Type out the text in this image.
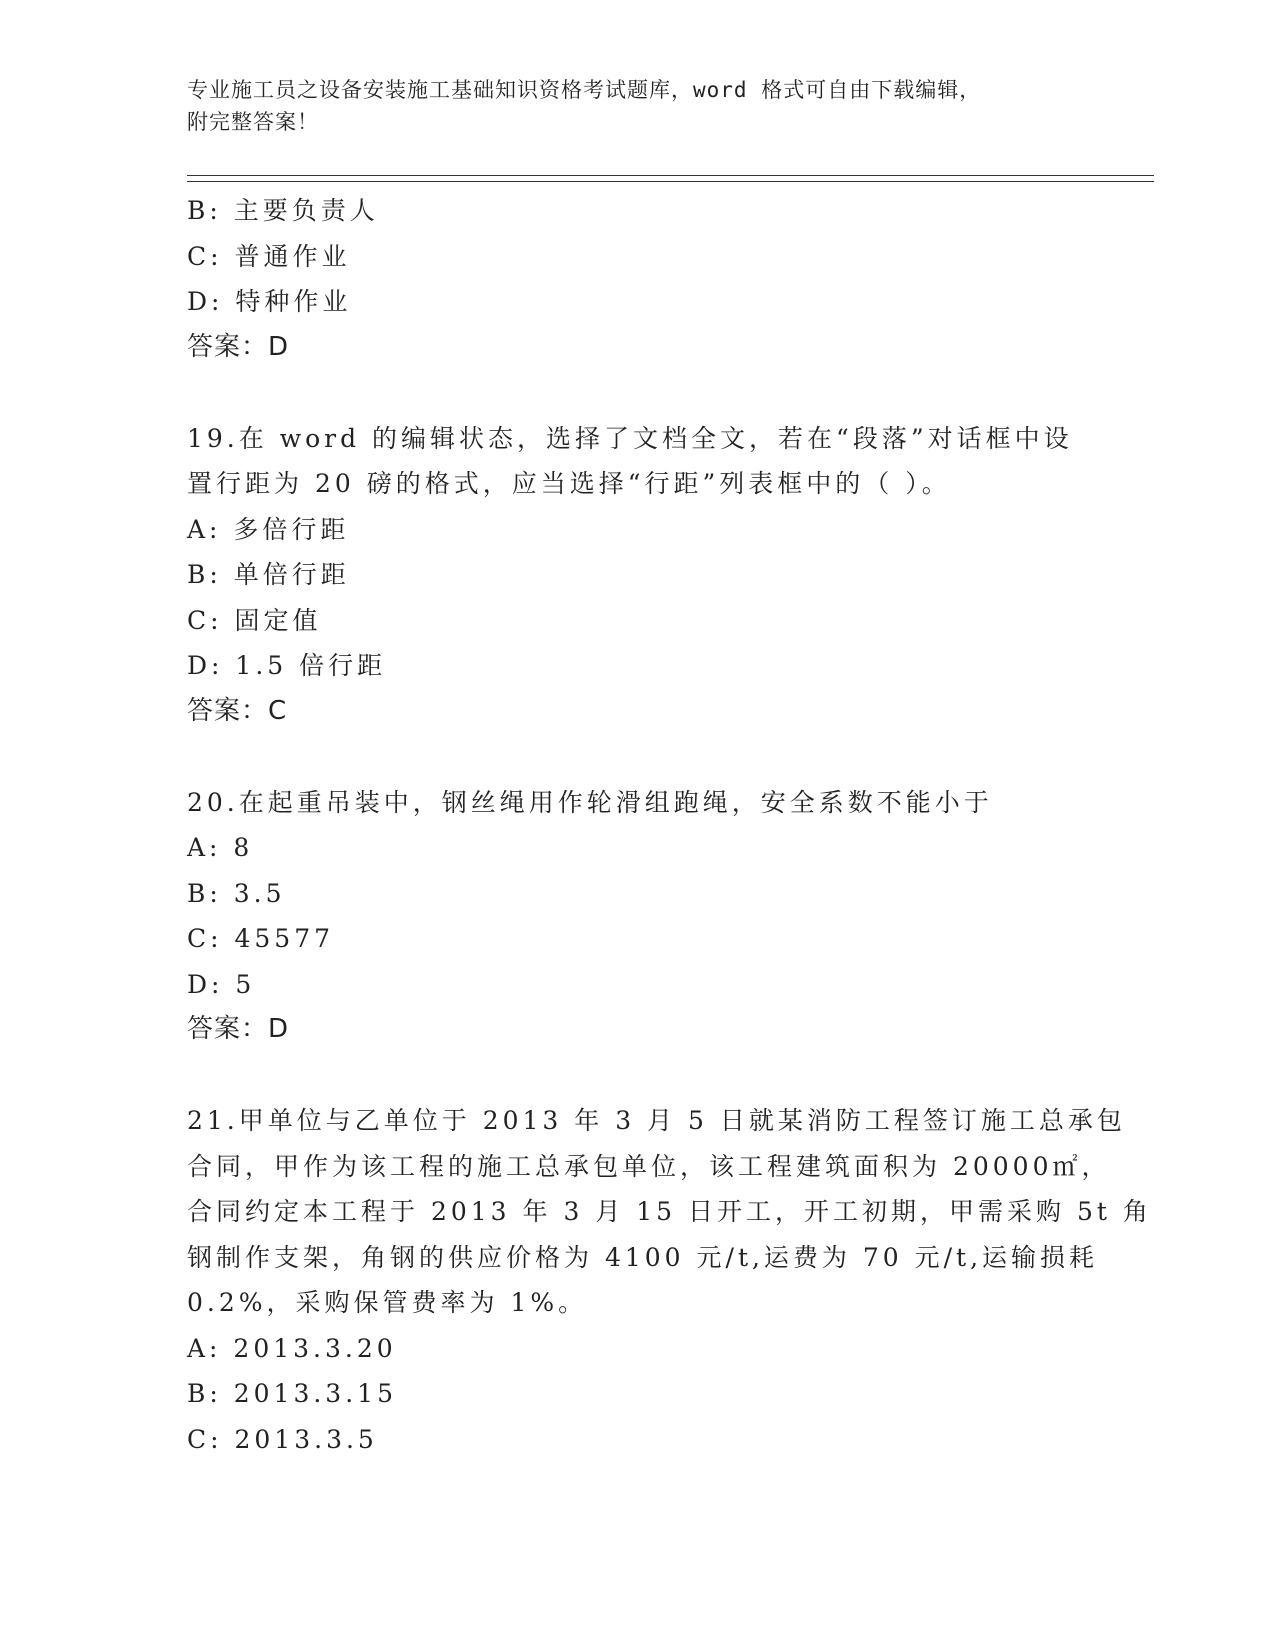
专业施工员之设备安装施工基础知识资格考试题库，word 格式可自由下载编辑，
附完整答案！
B: 主要负责人
C: 普通作业
D: 特种作业
答案：D
19.在 word 的编辑状态，选择了文档全文，若在“段落”对话框中设
置行距为 20 磅的格式，应当选择“行距”列表框中的（ ）。
A: 多倍行距
B: 单倍行距
C: 固定值
D: 1.5 倍行距
答案：C
20.在起重吊装中，钢丝绳用作轮滑组跑绳，安全系数不能小于
A: 8
B: 3.5
C: 45577
D: 5
答案：D
21.甲单位与乙单位于 2013 年 3 月 5 日就某消防工程签订施工总承包
合同，甲作为该工程的施工总承包单位，该工程建筑面积为 20000㎡，
合同约定本工程于 2013 年 3 月 15 日开工，开工初期，甲需采购 5t 角
钢制作支架，角钢的供应价格为 4100 元/t,运费为 70 元/t,运输损耗
0.2%，采购保管费率为 1%。
A: 2013.3.20
B: 2013.3.15
C: 2013.3.5
